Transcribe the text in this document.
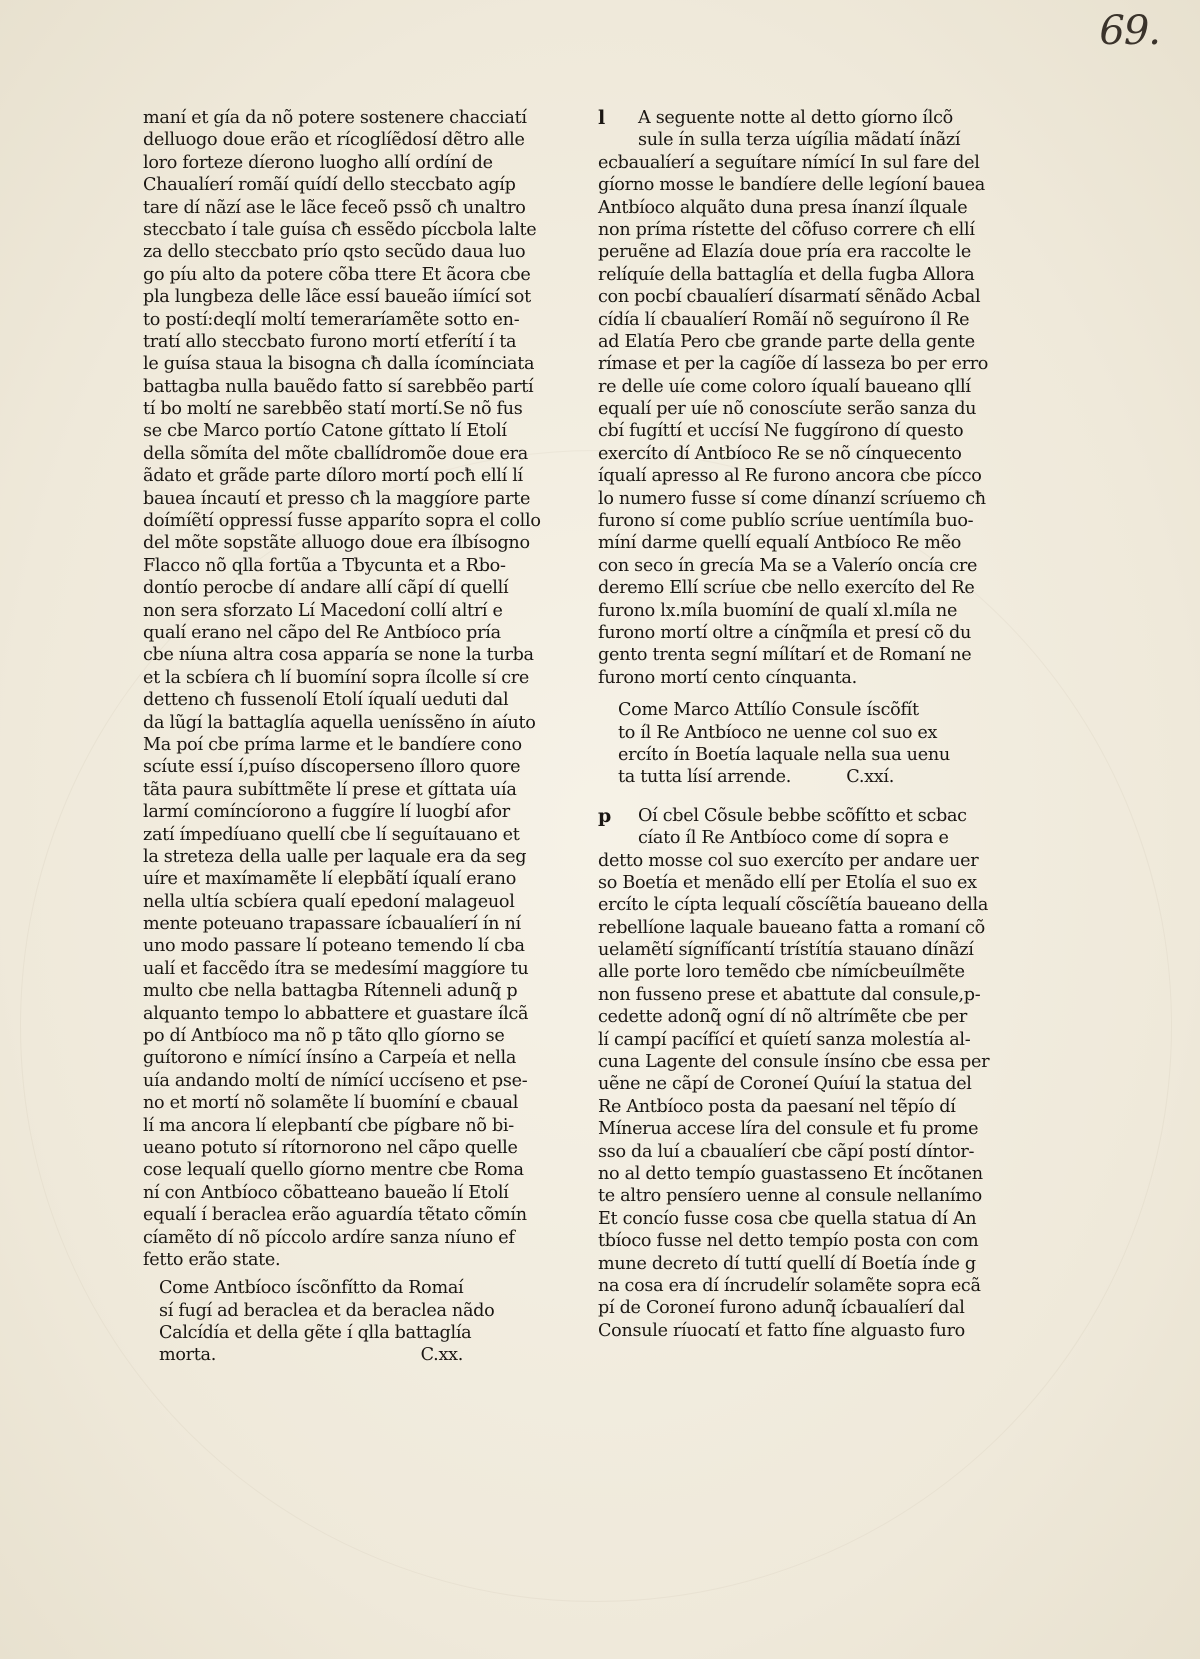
69.
maní et gía da nõ potere sostenere chacciatí
delluogo doue erão et rícoglíẽdosí dẽtro alle
loro forteze díerono luogho allí ordíní de
Chaualíerí romãí quídí dello steccbato agíp
tare dí nãzí ase le lãce feceõ pssõ cħ unaltro
steccbato í tale guísa cħ essẽdo píccbola lalte
za dello steccbato prío qsto secũdo daua luo
go píu alto da potere cõba ttere Et ãcora cbe
pla lungbeza delle lãce essí baueão iímící sot
to postí:deqlí moltí temeraríamẽte sotto en-
tratí allo steccbato furono mortí etferítí í ta
le guísa staua la bisogna cħ dalla ícomínciata
battagba nulla bauẽdo fatto sí sarebbẽo partí
tí bo moltí ne sarebbẽo statí mortí.Se nõ fus
se cbe Marco portío Catone gíttato lí Etolí
della sõmíta del mõte cballídromõe doue era
ãdato et grãde parte díloro mortí pocħ ellí lí
bauea íncautí et presso cħ la maggíore parte
doímíẽtí oppressí fusse apparíto sopra el collo
del mõte sopstãte alluogo doue era ílbísogno
Flacco nõ qlla fortũa a Tbycunta et a Rbo-
dontío perocbe dí andare allí cãpí dí quellí
non sera sforzato Lí Macedoní collí altrí e
qualí erano nel cãpo del Re Antbíoco pría
cbe níuna altra cosa apparía se none la turba
et la scbíera cħ lí buomíní sopra ílcolle sí cre
detteno cħ fussenolí Etolí íqualí ueduti dal
da lũgí la battaglía aquella ueníssẽno ín aíuto
Ma poí cbe príma larme et le bandíere cono
scíute essí í,puíso díscoperseno ílloro quore
tãta paura subíttmẽte lí prese et gíttata uía
larmí comíncíorono a fuggíre lí luogbí afor
zatí ímpedíuano quellí cbe lí seguítauano et
la streteza della ualle per laquale era da seg
uíre et maxímamẽte lí elepbãtí íqualí erano
nella ultía scbíera qualí epedoní malageuol
mente poteuano trapassare ícbaualíerí ín ní
uno modo passare lí poteano temendo lí cba
ualí et faccẽdo ítra se medesímí maggíore tu
multo cbe nella battagba Rítenneli adunq̃ p
alquanto tempo lo abbattere et guastare ílcã
po dí Antbíoco ma nõ p tãto qllo gíorno se
guítorono e nímící ínsíno a Carpeía et nella
uía andando moltí de nímící uccíseno et pse-
no et mortí nõ solamẽte lí buomíní e cbaual
lí ma ancora lí elepbantí cbe pígbare nõ bi-
ueano potuto sí rítornorono nel cãpo quelle
cose lequalí quello gíorno mentre cbe Roma
ní con Antbíoco cõbatteano baueão lí Etolí
equalí í beraclea erão aguardía tẽtato cõmín
cíamẽto dí nõ píccolo ardíre sanza níuno ef
fetto erão state.
Come Antbíoco íscõnfítto da Romaí
sí fugí ad beraclea et da beraclea nãdo
Calcídía et della gẽte í qlla battaglía
morta.	C.xx.
l	A seguente notte al detto gíorno ílcõ
sule ín sulla terza uígília mãdatí ínãzí
ecbaualíerí a seguítare nímící In sul fare del
gíorno mosse le bandíere delle legíoní bauea
Antbíoco alquãto duna presa ínanzí ílquale
non príma rístette del cõfuso correre cħ ellí
peruẽne ad Elazía doue pría era raccolte le
relíquíe della battaglía et della fugba Allora
con pocbí cbaualíerí dísarmatí sẽnãdo Acbal
cídía lí cbaualíerí Romãí nõ seguírono íl Re
ad Elatía Pero cbe grande parte della gente
rímase et per la cagíõe dí lasseza bo per erro
re delle uíe come coloro íqualí baueano qllí
equalí per uíe nõ conoscíute serão sanza du
cbí fugíttí et uccísí Ne fuggírono dí questo
exercíto dí Antbíoco Re se nõ cínquecento
íqualí apresso al Re furono ancora cbe pícco
lo numero fusse sí come dínanzí scríuemo cħ
furono sí come publío scríue uentímíla buo-
míní darme quellí equalí Antbíoco Re mẽo
con seco ín grecía Ma se a Valerío oncía cre
deremo Ellí scríue cbe nello exercíto del Re
furono lx.míla buomíní de qualí xl.míla ne
furono mortí oltre a cínq̃míla et presí cõ du
gento trenta segní mílítarí et de Romaní ne
furono mortí cento cínquanta.
Come Marco Attílío Consule íscõfít
to íl Re Antbíoco ne uenne col suo ex
ercíto ín Boetía laquale nella sua uenu
ta tutta lísí arrende.	C.xxí.
p	Oí cbel Cõsule bebbe scõfítto et scbac
cíato íl Re Antbíoco come dí sopra e
detto mosse col suo exercíto per andare uer
so Boetía et menãdo ellí per Etolía el suo ex
ercíto le cípta lequalí cõscíẽtía baueano della
rebellíone laquale baueano fatta a romaní cõ
uelamẽtí sígnífícantí trístítía stauano dínãzí
alle porte loro temẽdo cbe nímícbeuílmẽte
non fusseno prese et abattute dal consule,p-
cedette adonq̃ ogní dí nõ altrímẽte cbe per
lí campí pacífící et quíetí sanza molestía al-
cuna Lagente del consule ínsíno cbe essa per
uẽne ne cãpí de Coroneí Quíuí la statua del
Re Antbíoco posta da paesaní nel tẽpío dí
Mínerua accese líra del consule et fu prome
sso da luí a cbaualíerí cbe cãpí postí díntor-
no al detto tempío guastasseno Et íncõtanen
te altro pensíero uenne al consule nellanímo
Et concío fusse cosa cbe quella statua dí An
tbíoco fusse nel detto tempío posta con com
mune decreto dí tuttí quellí dí Boetía índe g
na cosa era dí íncrudelír solamẽte sopra ecã
pí de Coroneí furono adunq̃ ícbaualíerí dal
Consule ríuocatí et fatto fíne alguasto furo
